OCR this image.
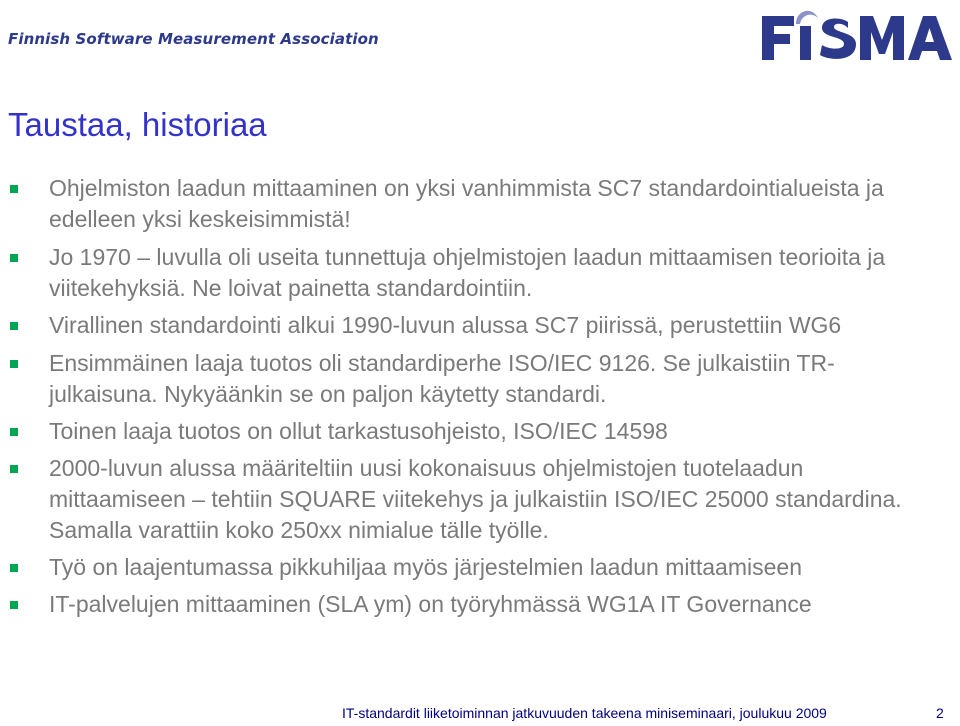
Finnish Software Measurement Association
Taustaa, historiaa
Ohjelmiston laadun mittaaminen on yksi vanhimmista SC7 standardointialueista ja edelleen yksi keskeisimmistä!
Jo 1970 – luvulla oli useita tunnettuja ohjelmistojen laadun mittaamisen teorioita ja viitekehyksiä. Ne loivat painetta standardointiin.
Virallinen standardointi alkui 1990-luvun alussa SC7 piirissä, perustettiin WG6
Ensimmäinen laaja tuotos oli standardiperhe ISO/IEC 9126. Se julkaistiin TR-julkaisuna. Nykyäänkin se on paljon käytetty standardi.
Toinen laaja tuotos on ollut tarkastusohjeisto, ISO/IEC 14598
2000-luvun alussa määriteltiin uusi kokonaisuus ohjelmistojen tuotelaadun mittaamiseen – tehtiin SQUARE viitekehys ja julkaistiin ISO/IEC 25000 standardina. Samalla varattiin koko 250xx nimialue tälle työlle.
Työ on laajentumassa pikkuhiljaa myös järjestelmien laadun mittaamiseen
IT-palvelujen mittaaminen (SLA ym) on työryhmässä WG1A IT Governance
IT-standardit liiketoiminnan jatkuvuuden takeena miniseminaari, joulukuu 2009	2
